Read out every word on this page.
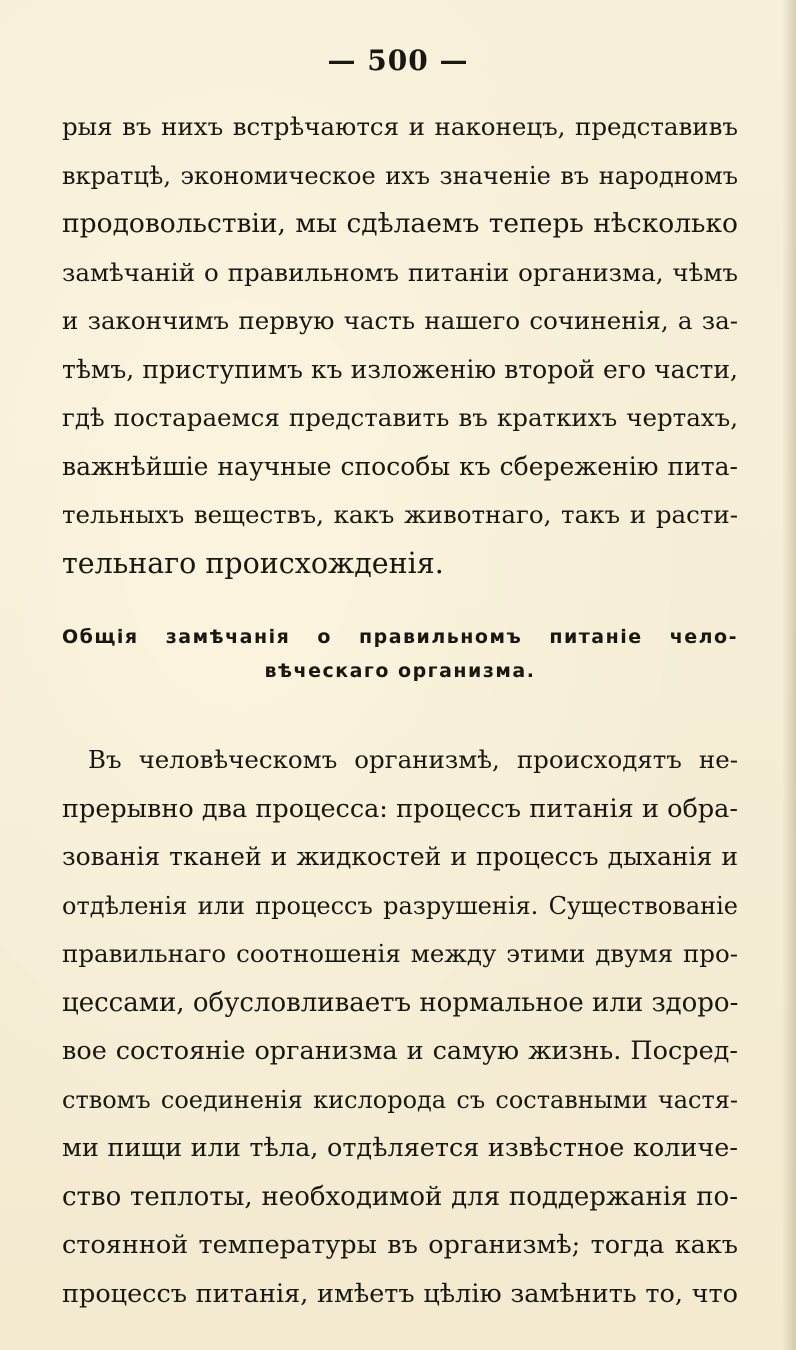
— 500 —
рыя въ нихъ встрѣчаются и наконецъ, представивъ
вкратцѣ, экономическое ихъ значеніе въ народномъ
продовольствіи, мы сдѣлаемъ теперь нѣсколько
замѣчаній о правильномъ питаніи организма, чѣмъ
и закончимъ первую часть нашего сочиненія, а за-
тѣмъ, приступимъ къ изложенію второй его части,
гдѣ постараемся представить въ краткихъ чертахъ,
важнѣйшіе научные способы къ сбереженію пита-
тельныхъ веществъ, какъ животнаго, такъ и расти-
тельнаго происхожденія.
Общія замѣчанія о правильномъ питаніе чело-
вѣческаго организма.
Въ человѣческомъ организмѣ, происходятъ не-
прерывно два процесса: процессъ питанія и обра-
зованія тканей и жидкостей и процессъ дыханія и
отдѣленія или процессъ разрушенія. Существованіе
правильнаго соотношенія между этими двумя про-
цессами, обусловливаетъ нормальное или здоро-
вое состояніе организма и самую жизнь. Посред-
ствомъ соединенія кислорода съ составными частя-
ми пищи или тѣла, отдѣляется извѣстное количе-
ство теплоты, необходимой для поддержанія по-
стоянной температуры въ организмѣ; тогда какъ
процессъ питанія, имѣетъ цѣлію замѣнить то, что
